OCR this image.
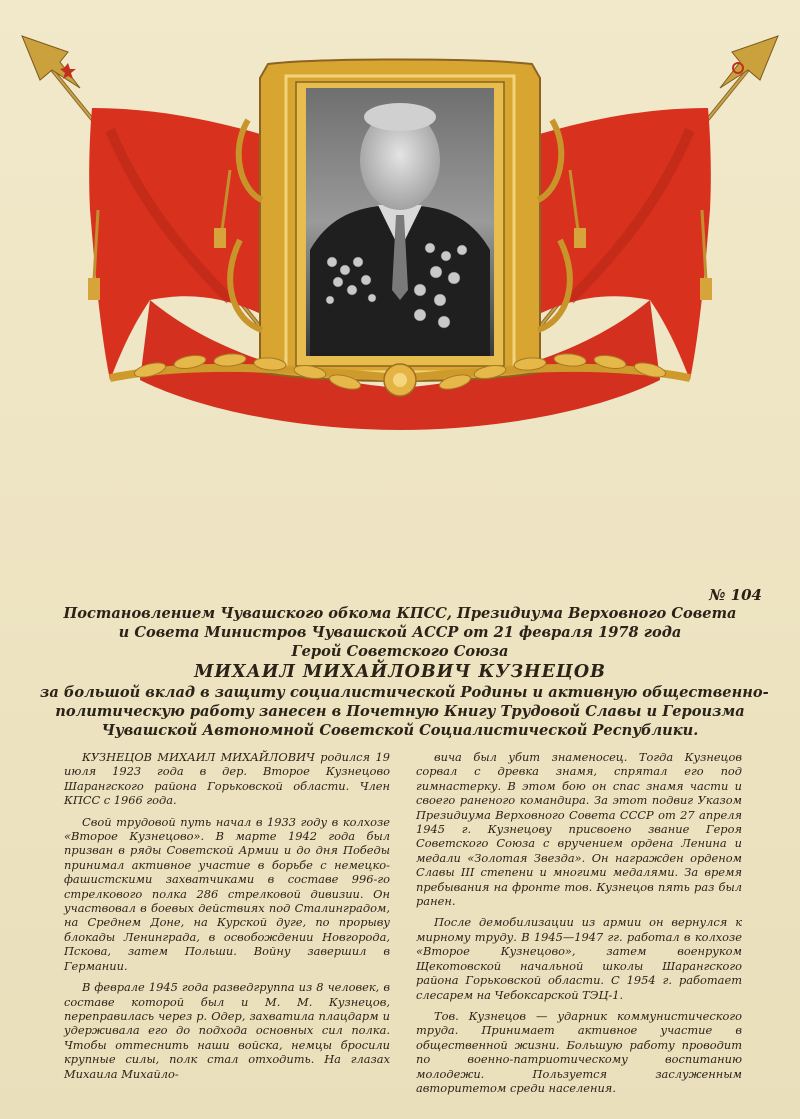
№ 104
Постановлением Чувашского обкома КПСС, Президиума Верховного Совета
и Совета Министров Чувашской АССР от 21 февраля 1978 года
Герой Советского Союза
МИХАИЛ МИХАЙЛОВИЧ КУЗНЕЦОВ
за большой вклад в защиту социалистической Родины и активную общественно-
политическую работу занесен в Почетную Книгу Трудовой Славы и Героизма
Чувашской Автономной Советской Социалистической Республики.

КУЗНЕЦОВ МИХАИЛ МИХАЙЛОВИЧ родился 19 июля 1923 года в дер. Второе Кузнецово Шарангского района Горьковской области. Член КПСС с 1966 года.

Свой трудовой путь начал в 1933 году в колхозе «Второе Кузнецово». В марте 1942 года был призван в ряды Советской Армии и до дня Победы принимал активное участие в борьбе с немецко-фашистскими захватчиками в составе 996-го стрелкового полка 286 стрелковой дивизии. Он участвовал в боевых действиях под Сталинградом, на Среднем Доне, на Курской дуге, по прорыву блокады Ленинграда, в освобождении Новгорода, Пскова, затем Польши. Войну завершил в Германии.

В феврале 1945 года разведгруппа из 8 человек, в составе которой был и М. М. Кузнецов, переправилась через р. Одер, захватила плацдарм и удерживала его до подхода основных сил полка. Чтобы оттеснить наши войска, немцы бросили крупные силы, полк стал отходить. На глазах Михаила Михайло-

вича был убит знаменосец. Тогда Кузнецов сорвал с древка знамя, спрятал его под гимнастерку. В этом бою он спас знамя части и своего раненого командира. За этот подвиг Указом Президиума Верховного Совета СССР от 27 апреля 1945 г. Кузнецову присвоено звание Героя Советского Союза с вручением ордена Ленина и медали «Золотая Звезда». Он награжден орденом Славы III степени и многими медалями. За время пребывания на фронте тов. Кузнецов пять раз был ранен.

После демобилизации из армии он вернулся к мирному труду. В 1945—1947 гг. работал в колхозе «Второе Кузнецово», затем военруком Щекотовской начальной школы Шарангского района Горьковской области. С 1954 г. работает слесарем на Чебоксарской ТЭЦ-1.

Тов. Кузнецов — ударник коммунистического труда. Принимает активное участие в общественной жизни. Большую работу проводит по военно-патриотическому воспитанию молодежи. Пользуется заслуженным авторитетом среди населения.
